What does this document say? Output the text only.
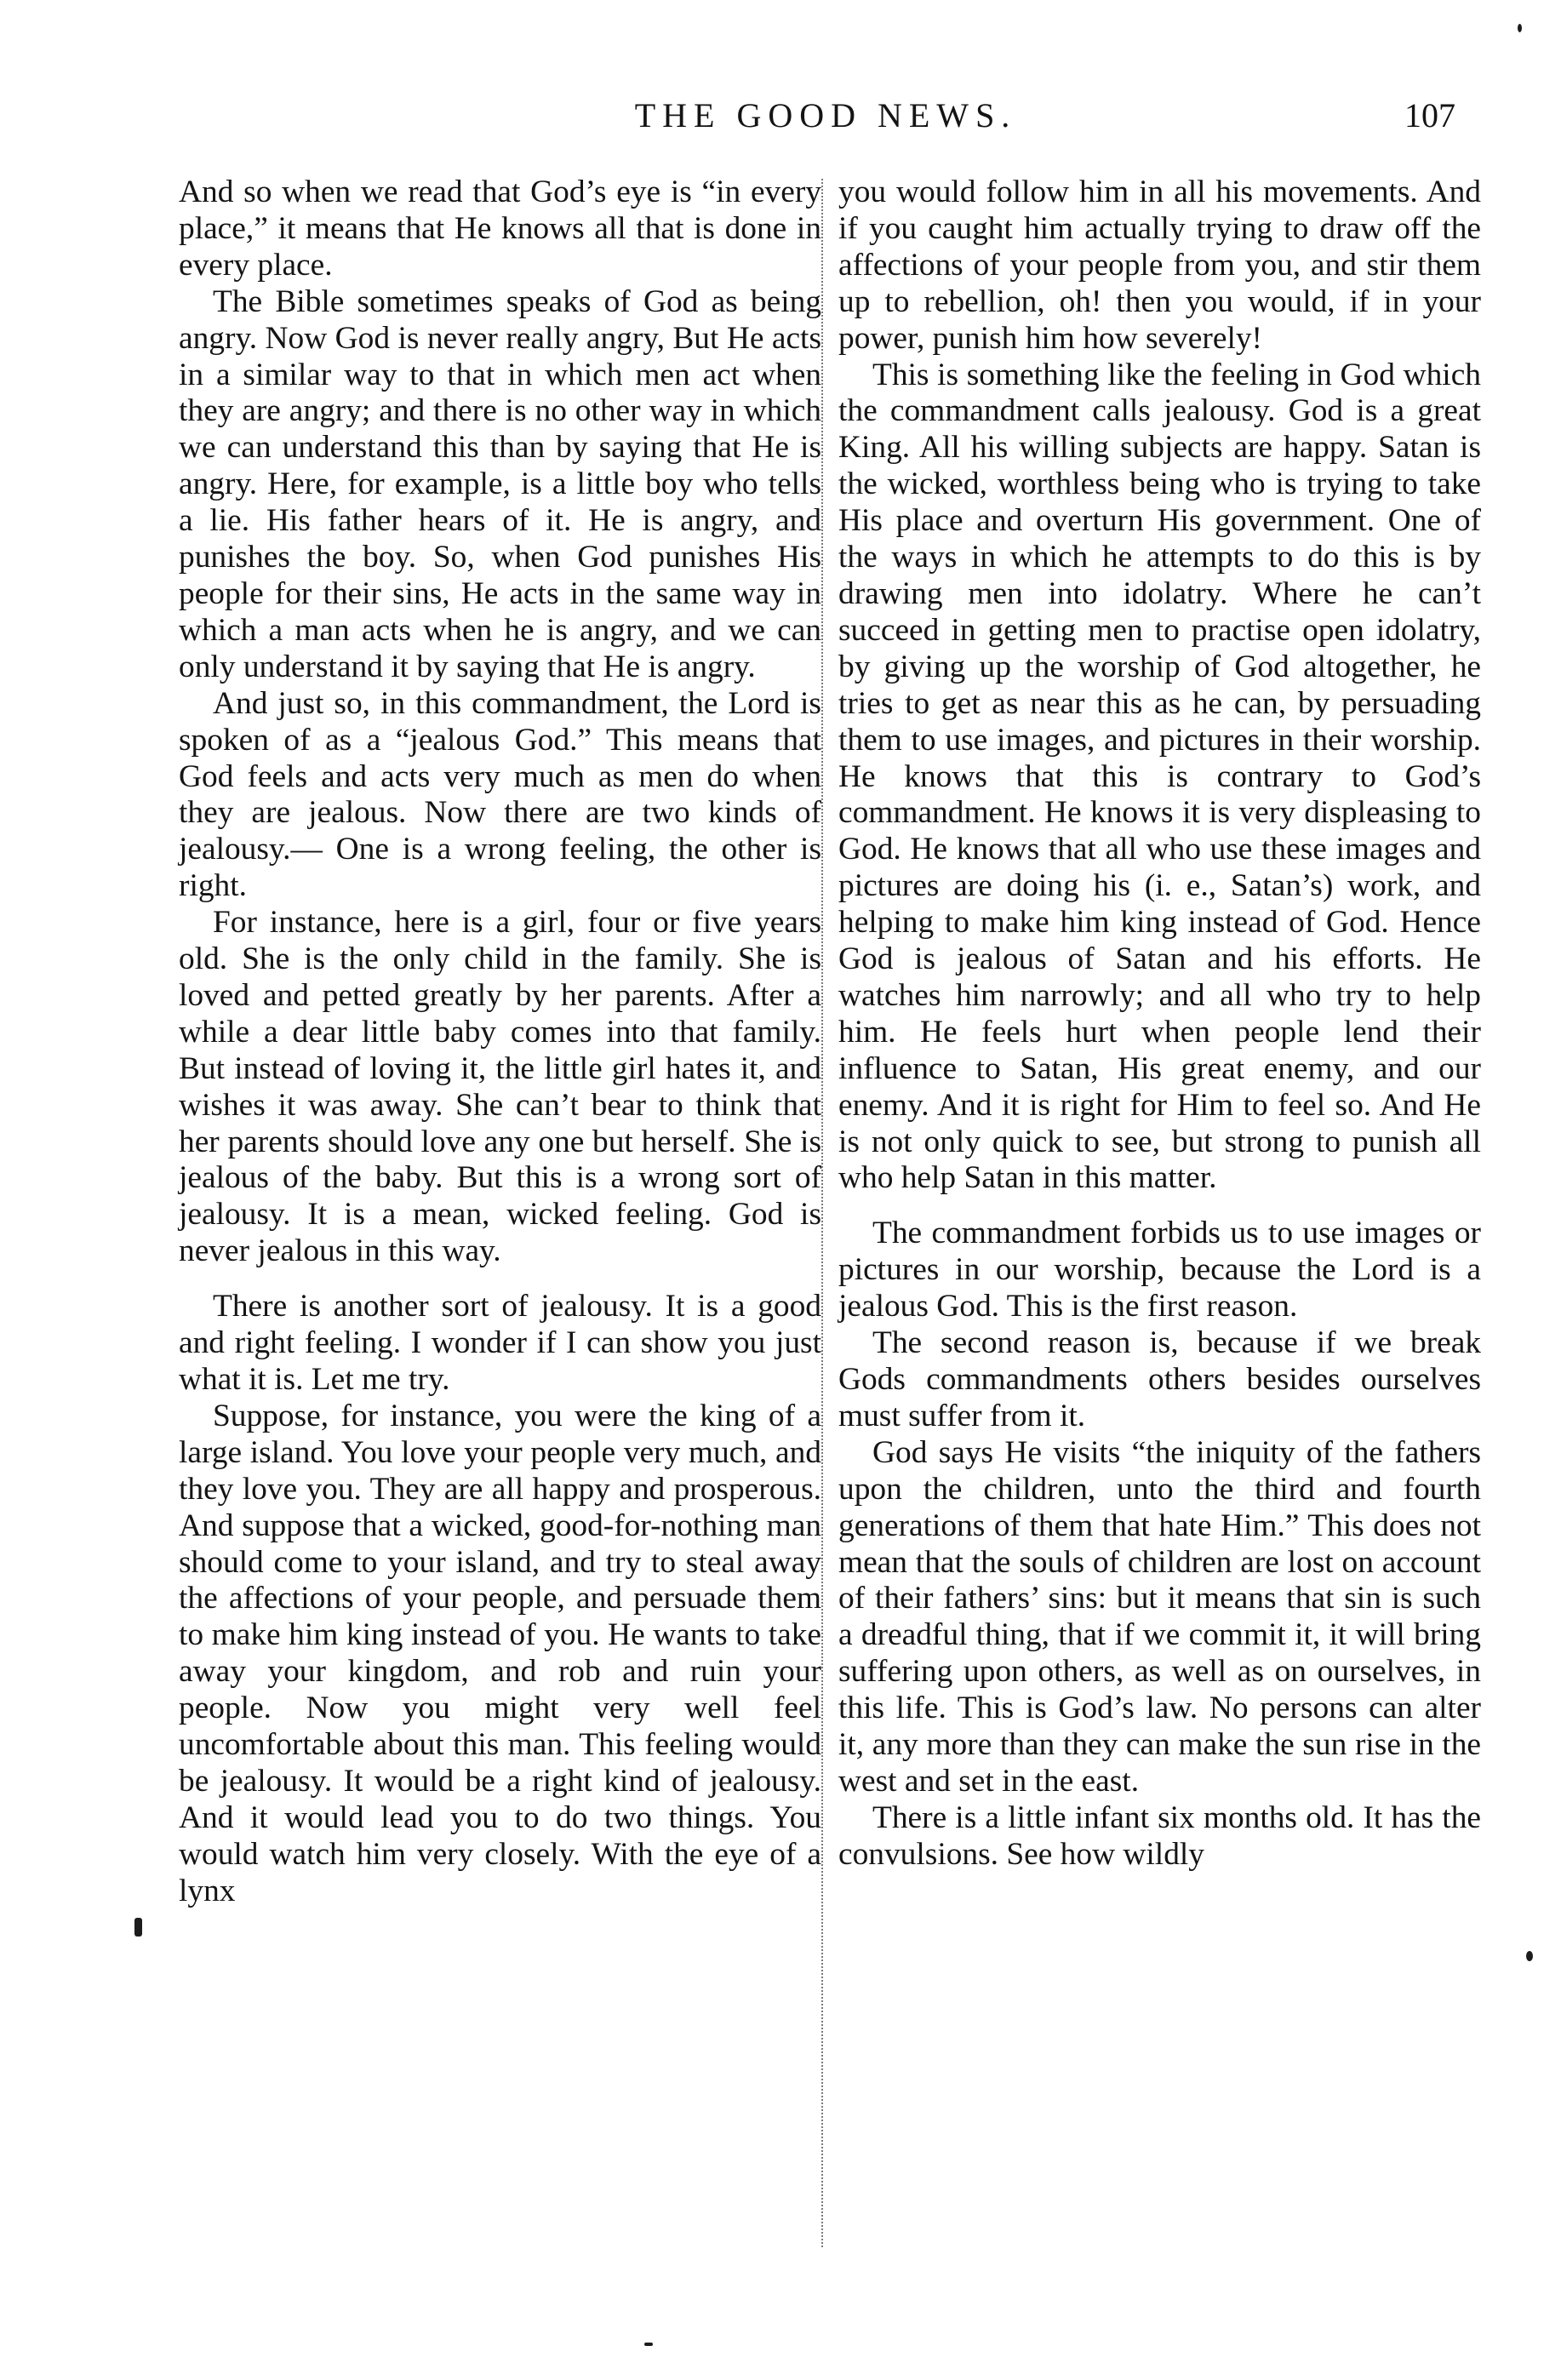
THE GOOD NEWS.	107

And so when we read that God’s eye is “in every place,” it means that He knows all that is done in every place.

The Bible sometimes speaks of God as being angry. Now God is never really angry, But He acts in a similar way to that in which men act when they are angry; and there is no other way in which we can understand this than by saying that He is angry. Here, for example, is a little boy who tells a lie. His father hears of it. He is angry, and punishes the boy. So, when God punishes His people for their sins, He acts in the same way in which a man acts when he is angry, and we can only understand it by saying that He is angry.

And just so, in this commandment, the Lord is spoken of as a “jealous God.” This means that God feels and acts very much as men do when they are jealous. Now there are two kinds of jealousy.— One is a wrong feeling, the other is right.

For instance, here is a girl, four or five years old. She is the only child in the family. She is loved and petted greatly by her parents. After a while a dear little baby comes into that family. But instead of loving it, the little girl hates it, and wishes it was away. She can’t bear to think that her parents should love any one but herself. She is jealous of the baby. But this is a wrong sort of jealousy. It is a mean, wicked feeling. God is never jealous in this way.

There is another sort of jealousy. It is a good and right feeling. I wonder if I can show you just what it is. Let me try.

Suppose, for instance, you were the king of a large island. You love your people very much, and they love you. They are all happy and prosperous. And suppose that a wicked, good-for-nothing man should come to your island, and try to steal away the affections of your people, and persuade them to make him king instead of you. He wants to take away your kingdom, and rob and ruin your people. Now you might very well feel uncomfortable about this man. This feeling would be jealousy. It would be a right kind of jealousy. And it would lead you to do two things. You would watch him very closely. With the eye of a lynx

you would follow him in all his movements. And if you caught him actually trying to draw off the affections of your people from you, and stir them up to rebellion, oh! then you would, if in your power, punish him how severely!

This is something like the feeling in God which the commandment calls jealousy. God is a great King. All his willing subjects are happy. Satan is the wicked, worthless being who is trying to take His place and overturn His government. One of the ways in which he attempts to do this is by drawing men into idolatry. Where he can’t succeed in getting men to practise open idolatry, by giving up the worship of God altogether, he tries to get as near this as he can, by persuading them to use images, and pictures in their worship. He knows that this is contrary to God’s commandment. He knows it is very displeasing to God. He knows that all who use these images and pictures are doing his (i. e., Satan’s) work, and helping to make him king instead of God. Hence God is jealous of Satan and his efforts. He watches him narrowly; and all who try to help him. He feels hurt when people lend their influence to Satan, His great enemy, and our enemy. And it is right for Him to feel so. And He is not only quick to see, but strong to punish all who help Satan in this matter.

The commandment forbids us to use images or pictures in our worship, because the Lord is a jealous God. This is the first reason.

The second reason is, because if we break Gods commandments others besides ourselves must suffer from it.

God says He visits “the iniquity of the fathers upon the children, unto the third and fourth generations of them that hate Him.” This does not mean that the souls of children are lost on account of their fathers’ sins: but it means that sin is such a dreadful thing, that if we commit it, it will bring suffering upon others, as well as on ourselves, in this life. This is God’s law. No persons can alter it, any more than they can make the sun rise in the west and set in the east.

There is a little infant six months old. It has the convulsions. See how wildly
